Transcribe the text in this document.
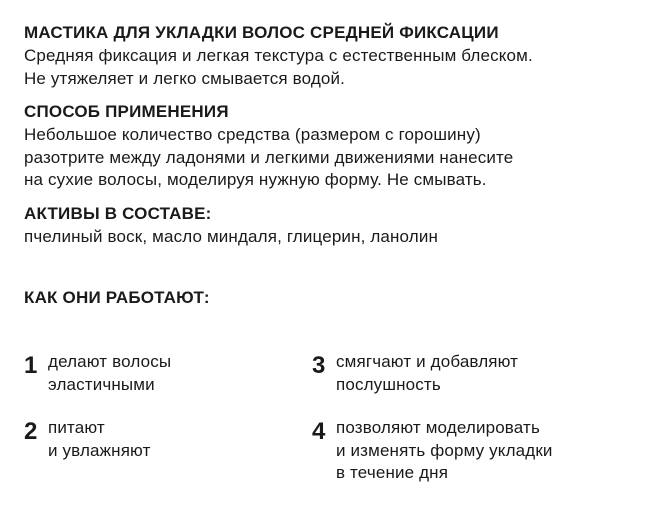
МАСТИКА ДЛЯ УКЛАДКИ ВОЛОС СРЕДНЕЙ ФИКСАЦИИ

Средняя фиксация и легкая текстура с естественным блеском.
Не утяжеляет и легко смывается водой.

СПОСОБ ПРИМЕНЕНИЯ

Небольшое количество средства (размером с горошину)
разотрите между ладонями и легкими движениями нанесите
на сухие волосы, моделируя нужную форму. Не смывать.

АКТИВЫ В СОСТАВЕ:

пчелиный воск, масло миндаля, глицерин, ланолин

КАК ОНИ РАБОТАЮТ:
1 делают волосы
эластичными
2 питают
и увлажняют
3 смягчают и добавляют
послушность
4 позволяют моделировать
и изменять форму укладки
в течение дня
